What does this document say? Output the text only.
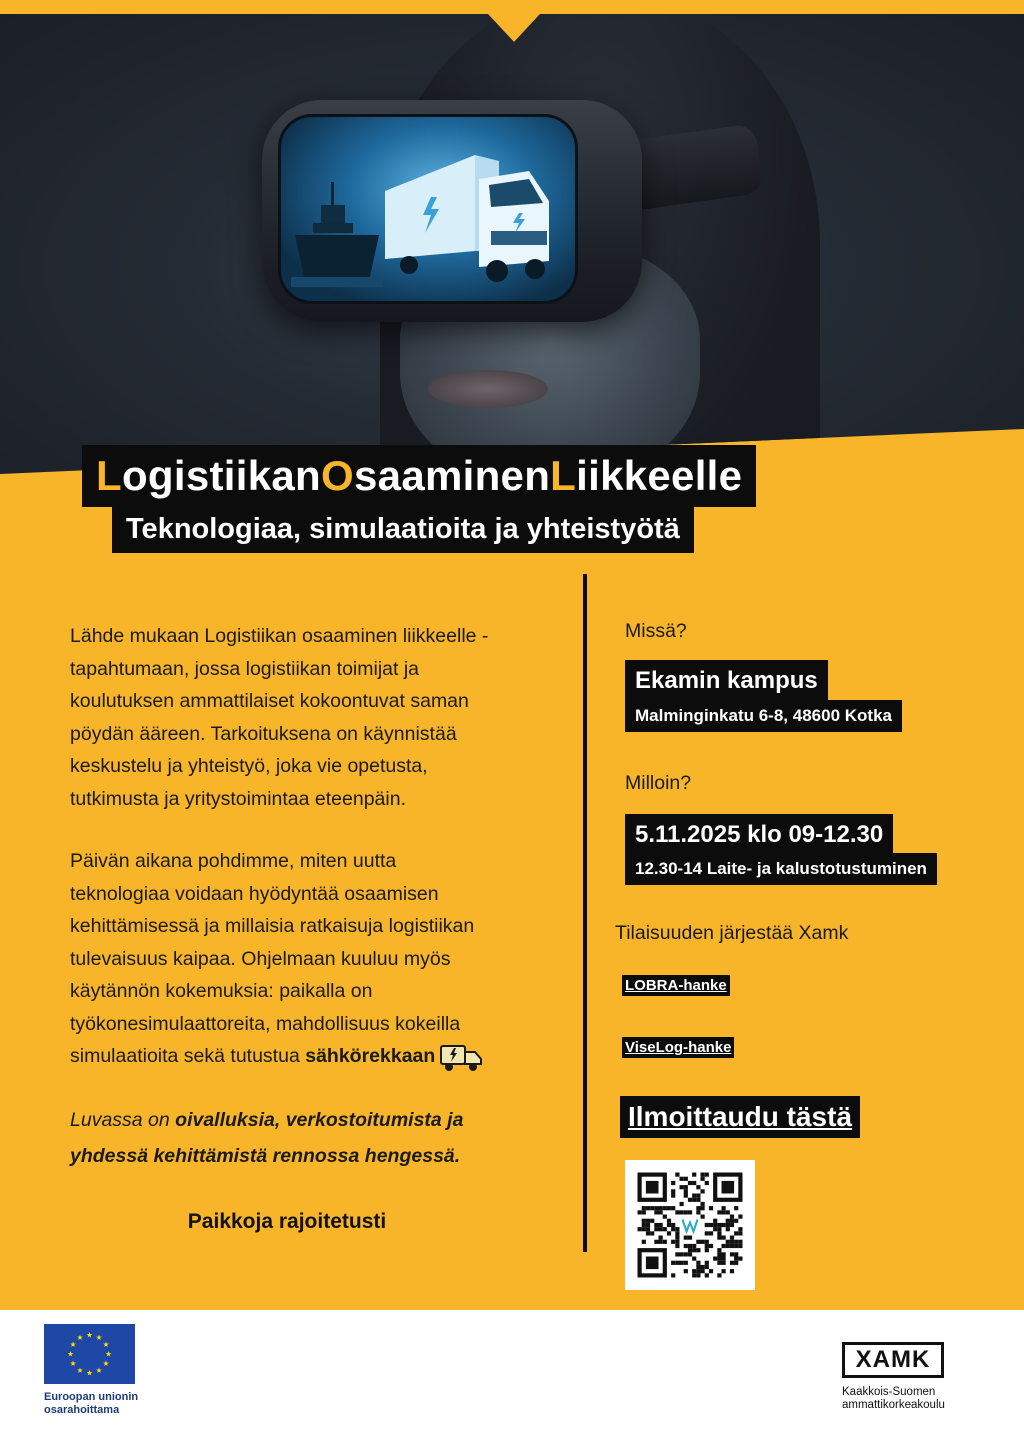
L ogistiikan O saaminen L iikkeelle
Teknologiaa, simulaatioita ja yhteistyötä

Lähde mukaan Logistiikan osaaminen liikkeelle -

tapahtumaan, jossa logistiikan toimijat ja

koulutuksen ammattilaiset kokoontuvat saman

pöydän ääreen. Tarkoituksena on käynnistää

keskustelu ja yhteistyö, joka vie opetusta,

tutkimusta ja yritystoimintaa eteenpäin.

Päivän aikana pohdimme, miten uutta

teknologiaa voidaan hyödyntää osaamisen

kehittämisessä ja millaisia ratkaisuja logistiikan

tulevaisuus kaipaa. Ohjelmaan kuuluu myös

käytännön kokemuksia: paikalla on

työkonesimulaattoreita, mahdollisuus kokeilla

simulaatioita sekä tutustua sähkörekkaan

Luvassa on oivalluksia, verkostoitumista ja
yhdessä kehittämistä rennossa hengessä.
Paikkoja rajoitetusti
Missä?
Ekamin kampus
Malminginkatu 6-8, 48600 Kotka
Milloin?
5.11.2025 klo 09-12.30
12.30-14 Laite- ja kalustotustuminen
Tilaisuuden järjestää Xamk
LOBRA-hanke
ViseLog-hanke
Ilmoittaudu tästä
Euroopan unionin
osarahoittama
XAMK
Kaakkois-Suomen
ammattikorkeakoulu
